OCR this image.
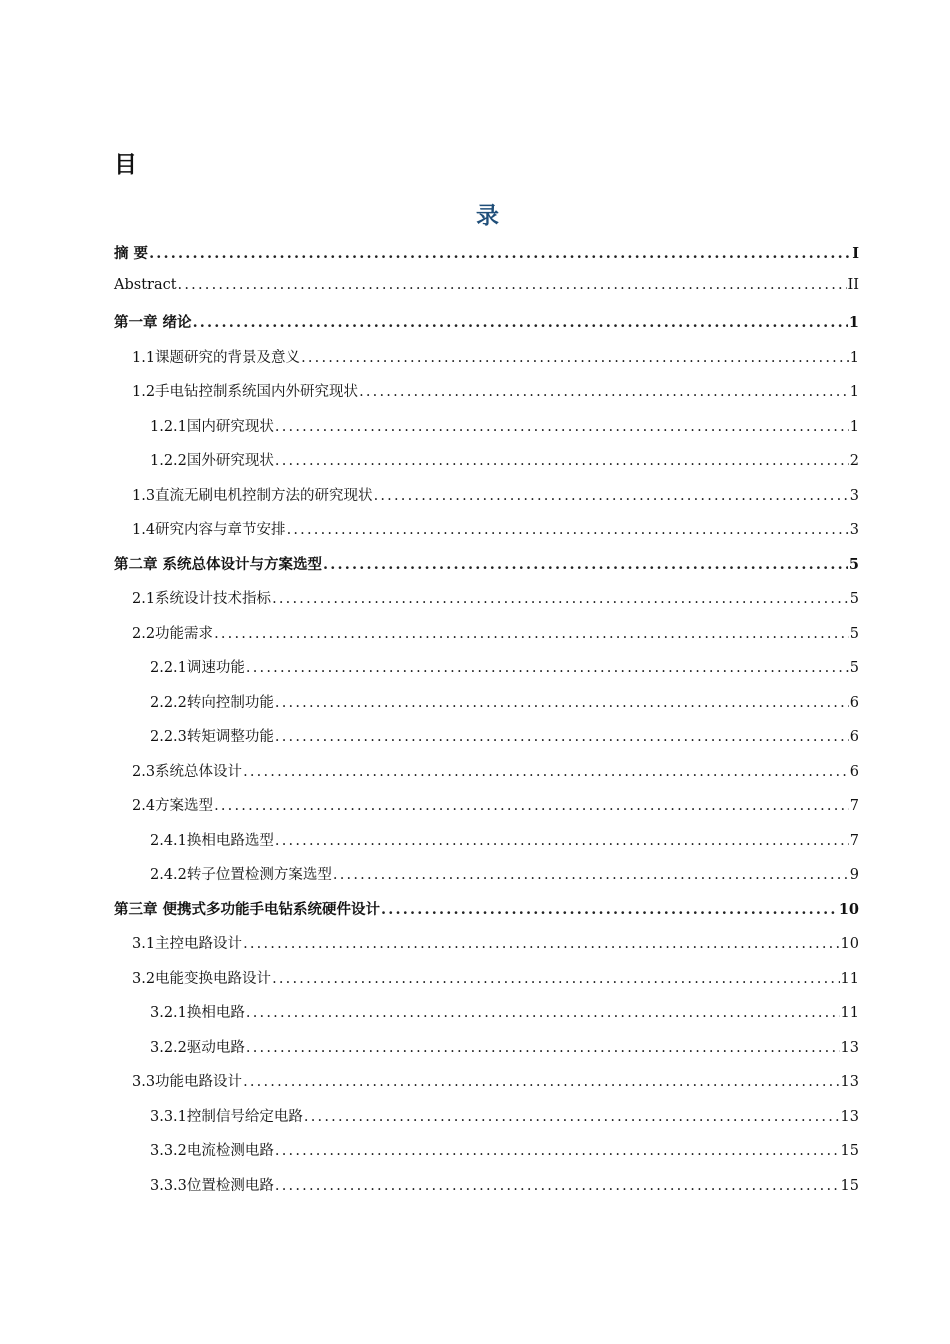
目
录
摘 要 .....	I
Abstract .....	II
第一章 绪论 .....	1
1.1课题研究的背景及意义 .....	1
1.2手电钻控制系统国内外研究现状 .....	1
1.2.1国内研究现状 .....	1
1.2.2国外研究现状 .....	2
1.3直流无刷电机控制方法的研究现状 .....	3
1.4研究内容与章节安排 .....	3
第二章 系统总体设计与方案选型 .....	5
2.1系统设计技术指标 .....	5
2.2功能需求 .....	5
2.2.1调速功能 .....	5
2.2.2转向控制功能 .....	6
2.2.3转矩调整功能 .....	6
2.3系统总体设计 .....	6
2.4方案选型 .....	7
2.4.1换相电路选型 .....	7
2.4.2转子位置检测方案选型 .....	9
第三章 便携式多功能手电钻系统硬件设计 .....	10
3.1主控电路设计 .....	10
3.2电能变换电路设计 .....	11
3.2.1换相电路 .....	11
3.2.2驱动电路 .....	13
3.3功能电路设计 .....	13
3.3.1控制信号给定电路 .....	13
3.3.2电流检测电路 .....	15
3.3.3位置检测电路 .....	15
